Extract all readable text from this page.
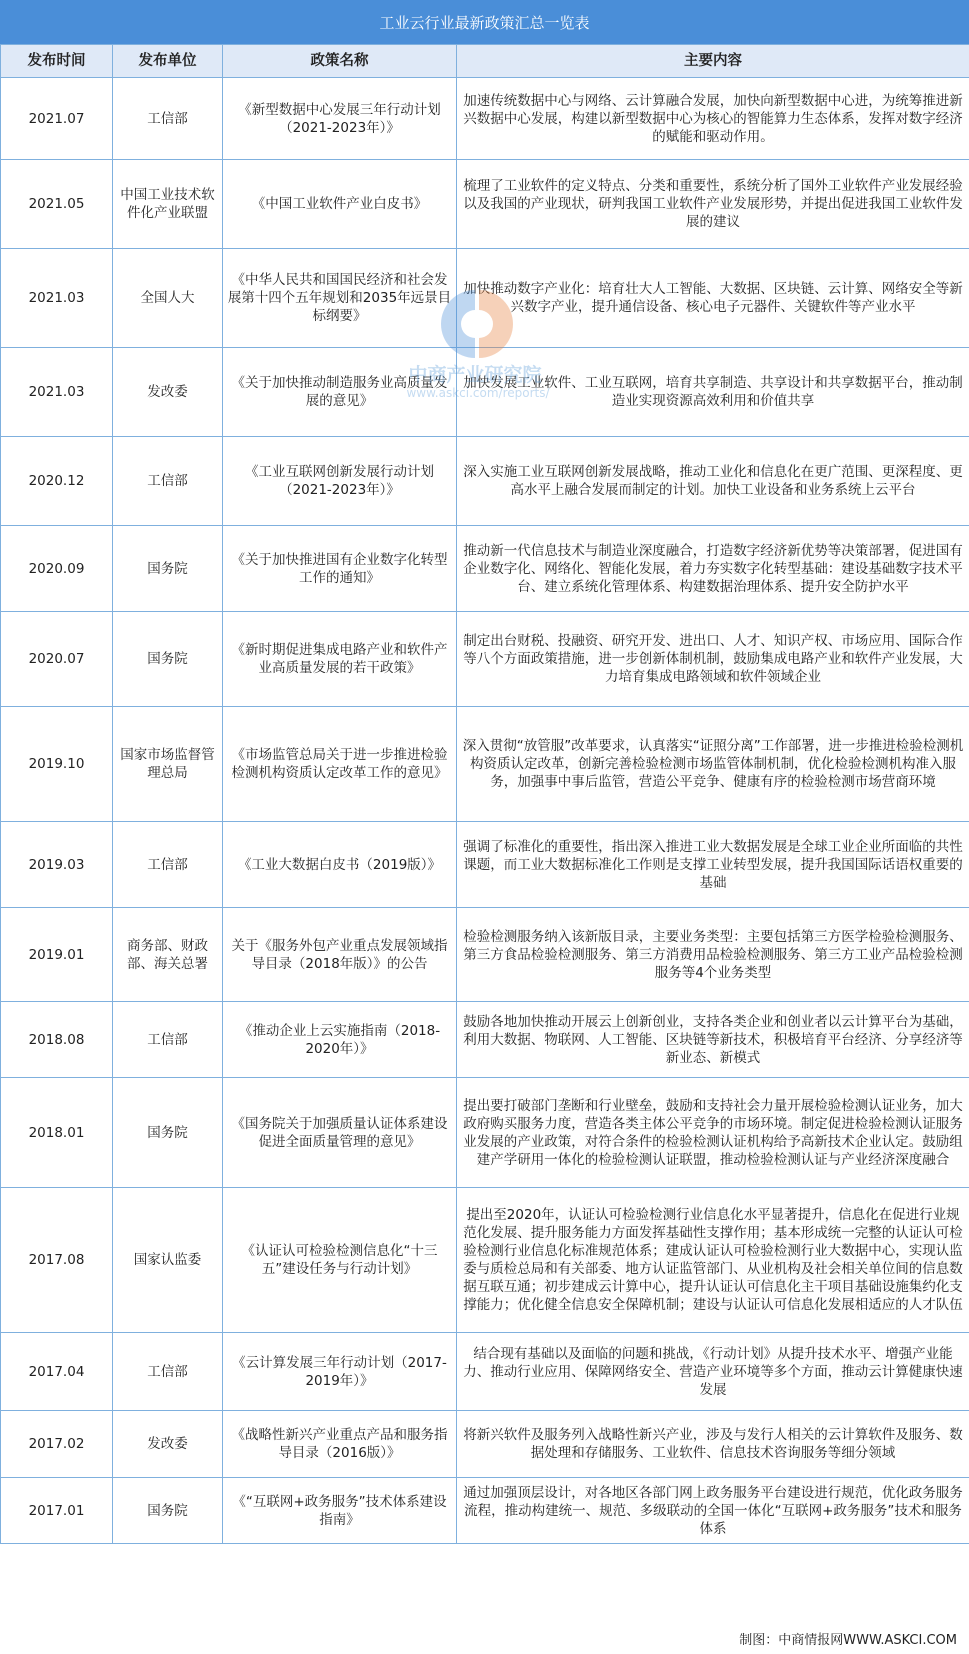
工业云行业最新政策汇总一览表
发布时间	发布单位	政策名称	主要内容
2021.07	工信部	《新型数据中心发展三年行动计划（2021-2023年）》	加速传统数据中心与网络、云计算融合发展，加快向新型数据中心进，为统筹推进新兴数据中心发展，构建以新型数据中心为核心的智能算力生态体系，发挥对数字经济的赋能和驱动作用。
2021.05	中国工业技术软件化产业联盟	《中国工业软件产业白皮书》	梳理了工业软件的定义特点、分类和重要性，系统分析了国外工业软件产业发展经验以及我国的产业现状，研判我国工业软件产业发展形势，并提出促进我国工业软件发展的建议
2021.03	全国人大	《中华人民共和国国民经济和社会发展第十四个五年规划和2035年远景目标纲要》	加快推动数字产业化：培育壮大人工智能、大数据、区块链、云计算、网络安全等新兴数字产业，提升通信设备、核心电子元器件、关键软件等产业水平
2021.03	发改委	《关于加快推动制造服务业高质量发展的意见》	加快发展工业软件、工业互联网，培育共享制造、共享设计和共享数据平台，推动制造业实现资源高效利用和价值共享
2020.12	工信部	《工业互联网创新发展行动计划（2021-2023年）》	深入实施工业互联网创新发展战略，推动工业化和信息化在更广范围、更深程度、更高水平上融合发展而制定的计划。加快工业设备和业务系统上云平台
2020.09	国务院	《关于加快推进国有企业数字化转型工作的通知》	推动新一代信息技术与制造业深度融合，打造数字经济新优势等决策部署，促进国有企业数字化、网络化、智能化发展，着力夯实数字化转型基础：建设基础数字技术平台、建立系统化管理体系、构建数据治理体系、提升安全防护水平
2020.07	国务院	《新时期促进集成电路产业和软件产业高质量发展的若干政策》	制定出台财税、投融资、研究开发、进出口、人才、知识产权、市场应用、国际合作等八个方面政策措施，进一步创新体制机制，鼓励集成电路产业和软件产业发展，大力培育集成电路领域和软件领域企业
2019.10	国家市场监督管理总局	《市场监管总局关于进一步推进检验检测机构资质认定改革工作的意见》	深入贯彻“放管服”改革要求，认真落实“证照分离”工作部署，进一步推进检验检测机构资质认定改革，创新完善检验检测市场监管体制机制，优化检验检测机构准入服务，加强事中事后监管，营造公平竞争、健康有序的检验检测市场营商环境
2019.03	工信部	《工业大数据白皮书（2019版）》	强调了标准化的重要性，指出深入推进工业大数据发展是全球工业企业所面临的共性课题，而工业大数据标准化工作则是支撑工业转型发展，提升我国国际话语权重要的基础
2019.01	商务部、财政部、海关总署	关于《服务外包产业重点发展领域指导目录（2018年版）》的公告	检验检测服务纳入该新版目录，主要业务类型：主要包括第三方医学检验检测服务、第三方食品检验检测服务、第三方消费用品检验检测服务、第三方工业产品检验检测服务等4个业务类型
2018.08	工信部	《推动企业上云实施指南（2018-2020年）》	鼓励各地加快推动开展云上创新创业，支持各类企业和创业者以云计算平台为基础，利用大数据、物联网、人工智能、区块链等新技术，积极培育平台经济、分享经济等新业态、新模式
2018.01	国务院	《国务院关于加强质量认证体系建设促进全面质量管理的意见》	提出要打破部门垄断和行业壁垒，鼓励和支持社会力量开展检验检测认证业务，加大政府购买服务力度，营造各类主体公平竞争的市场环境。制定促进检验检测认证服务业发展的产业政策，对符合条件的检验检测认证机构给予高新技术企业认定。鼓励组建产学研用一体化的检验检测认证联盟，推动检验检测认证与产业经济深度融合
2017.08	国家认监委	《认证认可检验检测信息化“十三五”建设任务与行动计划》	提出至2020年，认证认可检验检测行业信息化水平显著提升，信息化在促进行业规范化发展、提升服务能力方面发挥基础性支撑作用；基本形成统一完整的认证认可检验检测行业信息化标准规范体系；建成认证认可检验检测行业大数据中心，实现认监委与质检总局和有关部委、地方认证监管部门、从业机构及社会相关单位间的信息数据互联互通；初步建成云计算中心，提升认证认可信息化主干项目基础设施集约化支撑能力；优化健全信息安全保障机制；建设与认证认可信息化发展相适应的人才队伍
2017.04	工信部	《云计算发展三年行动计划（2017-2019年）》	结合现有基础以及面临的问题和挑战，《行动计划》从提升技术水平、增强产业能力、推动行业应用、保障网络安全、营造产业环境等多个方面，推动云计算健康快速发展
2017.02	发改委	《战略性新兴产业重点产品和服务指导目录（2016版）》	将新兴软件及服务列入战略性新兴产业，涉及与发行人相关的云计算软件及服务、数据处理和存储服务、工业软件、信息技术咨询服务等细分领域
2017.01	国务院	《“互联网+政务服务”技术体系建设指南》	通过加强顶层设计，对各地区各部门网上政务服务平台建设进行规范，优化政务服务流程，推动构建统一、规范、多级联动的全国一体化“互联网+政务服务”技术和服务体系
中商产业研究院
www.askci.com/reports/
制图：中商情报网WWW.ASKCI.COM
